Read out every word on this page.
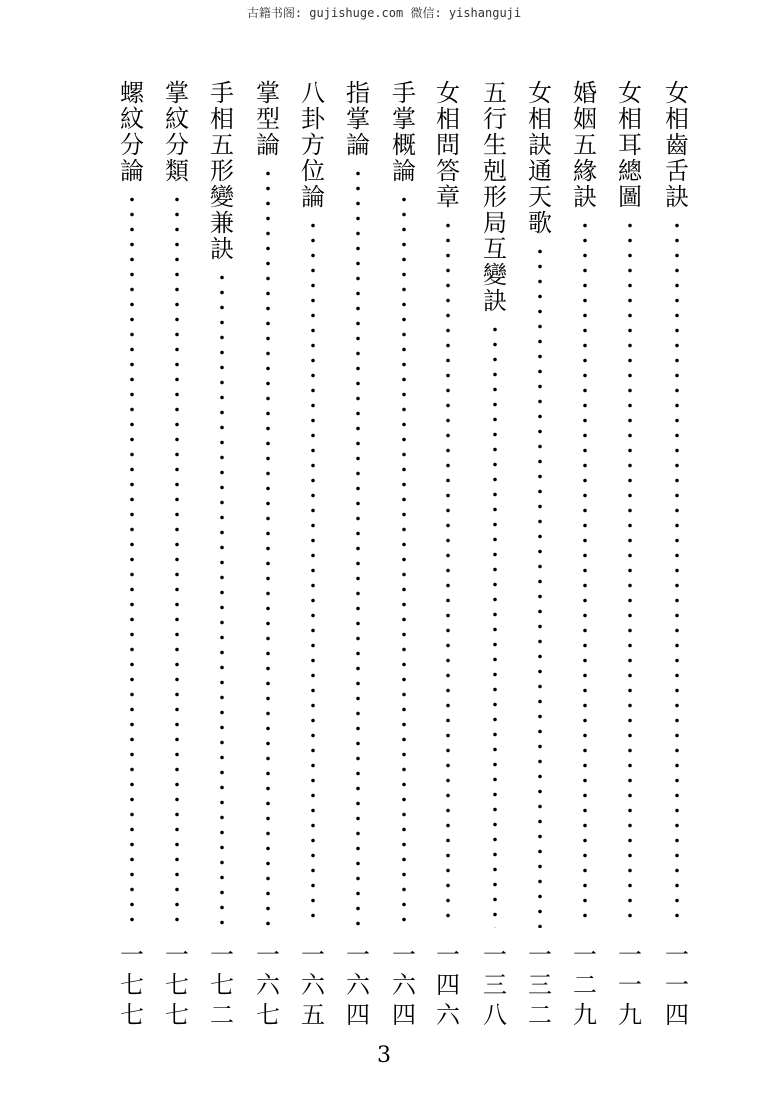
古籍书阁: gujishuge.com 微信: yishanguji
女
相
齒
舌
訣
一
一
四
女
相
耳
總
圖
一
一
九
婚
姻
五
緣
訣
一
二
九
女
相
訣
通
天
歌
一
三
二
五
行
生
剋
形
局
互
變
訣
一
三
八
女
相
問
答
章
一
四
六
手
掌
概
論
一
六
四
指
掌
論
一
六
四
八
卦
方
位
論
一
六
五
掌
型
論
一
六
七
手
相
五
形
變
兼
訣
一
七
二
掌
紋
分
類
一
七
七
螺
紋
分
論
一
七
七
3
